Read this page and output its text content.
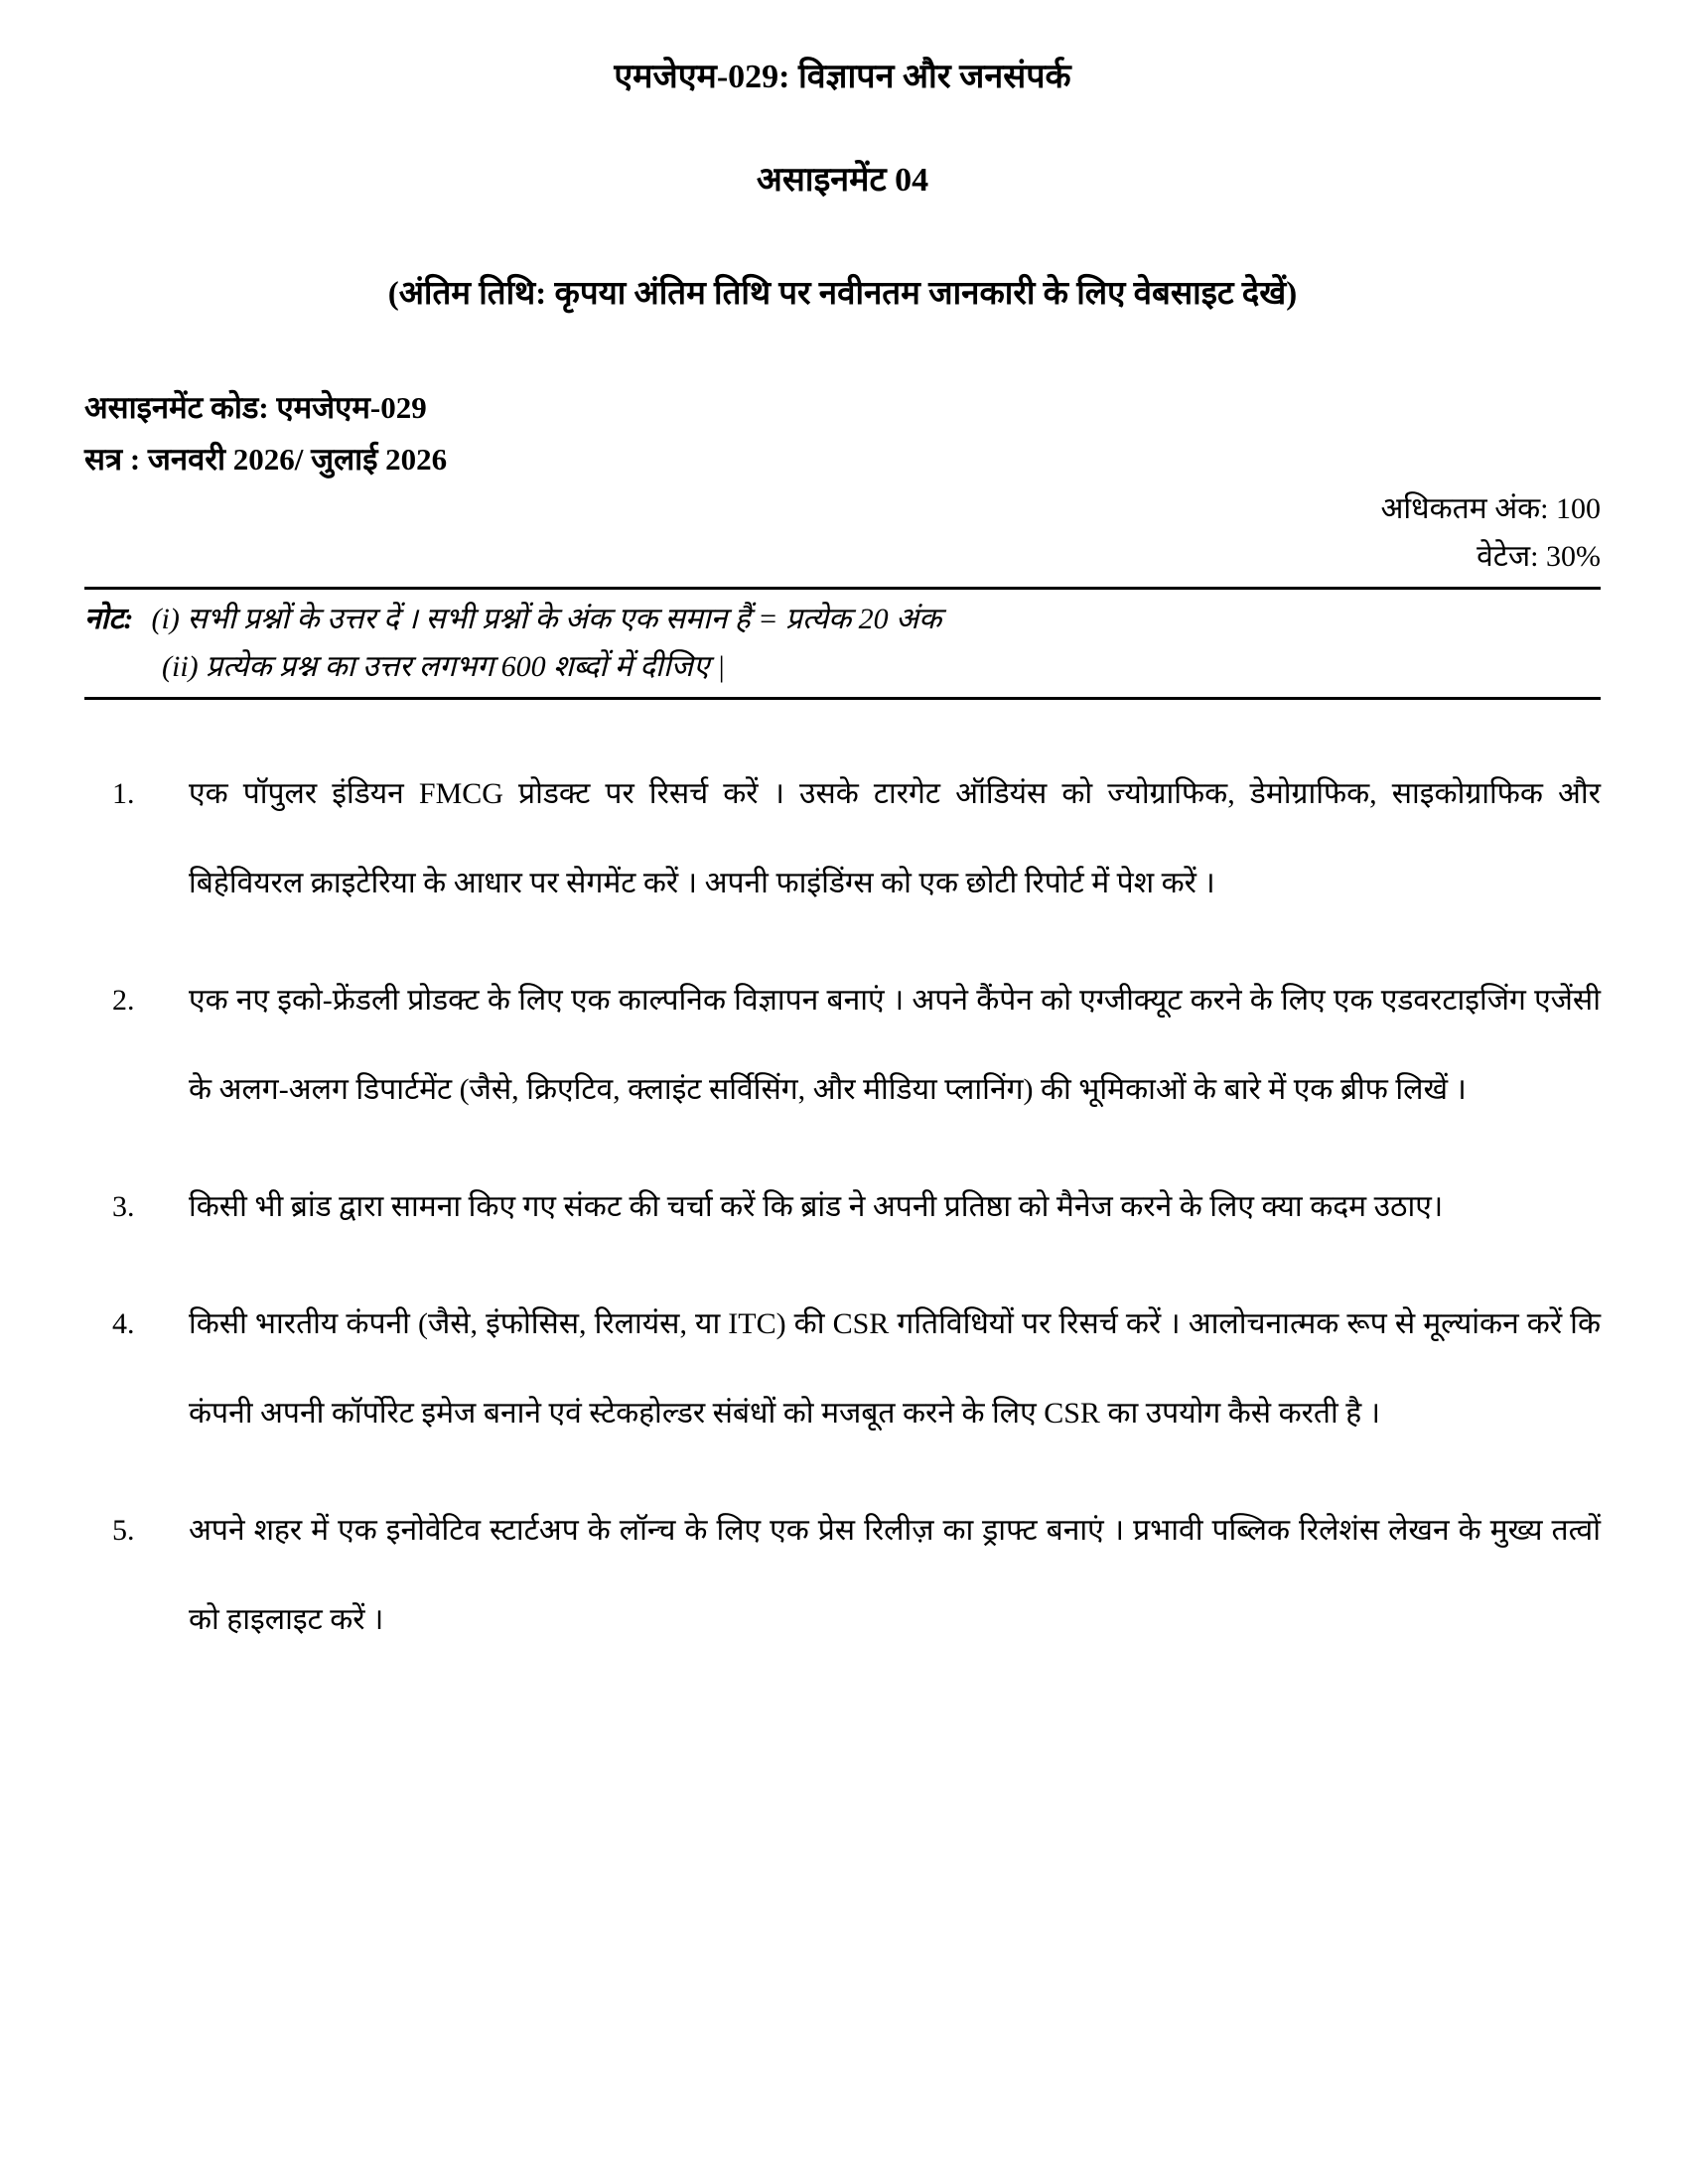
एमजेएम-029: विज्ञापन और जनसंपर्क
असाइनमेंट 04
(अंतिम तिथि: कृपया अंतिम तिथि पर नवीनतम जानकारी के लिए वेबसाइट देखें)
असाइनमेंट कोड: एमजेएम-029
सत्र : जनवरी 2026/ जुलाई 2026
अधिकतम अंक: 100
वेटेज: 30%
नोट: (i) सभी प्रश्नों के उत्तर दें । सभी प्रश्नों के अंक एक समान हैं = प्रत्येक 20 अंक
(ii) प्रत्येक प्रश्न का उत्तर लगभग 600 शब्दों में दीजिए |
1. एक पॉपुलर इंडियन FMCG प्रोडक्ट पर रिसर्च करें । उसके टारगेट ऑडियंस को ज्योग्राफिक, डेमोग्राफिक, साइकोग्राफिक और बिहेवियरल क्राइटेरिया के आधार पर सेगमेंट करें । अपनी फाइंडिंग्स को एक छोटी रिपोर्ट में पेश करें ।
2. एक नए इको-फ्रेंडली प्रोडक्ट के लिए एक काल्पनिक विज्ञापन बनाएं । अपने कैंपेन को एग्जीक्यूट करने के लिए एक एडवरटाइजिंग एजेंसी के अलग-अलग डिपार्टमेंट (जैसे, क्रिएटिव, क्लाइंट सर्विसिंग, और मीडिया प्लानिंग) की भूमिकाओं के बारे में एक ब्रीफ लिखें ।
3. किसी भी ब्रांड द्वारा सामना किए गए संकट की चर्चा करें कि ब्रांड ने अपनी प्रतिष्ठा को मैनेज करने के लिए क्या कदम उठाए।
4. किसी भारतीय कंपनी (जैसे, इंफोसिस, रिलायंस, या ITC) की CSR गतिविधियों पर रिसर्च करें । आलोचनात्मक रूप से मूल्यांकन करें कि कंपनी अपनी कॉर्पोरेट इमेज बनाने एवं स्टेकहोल्डर संबंधों को मजबूत करने के लिए CSR का उपयोग कैसे करती है ।
5. अपने शहर में एक इनोवेटिव स्टार्टअप के लॉन्च के लिए एक प्रेस रिलीज़ का ड्राफ्ट बनाएं । प्रभावी पब्लिक रिलेशंस लेखन के मुख्य तत्वों को हाइलाइट करें ।
